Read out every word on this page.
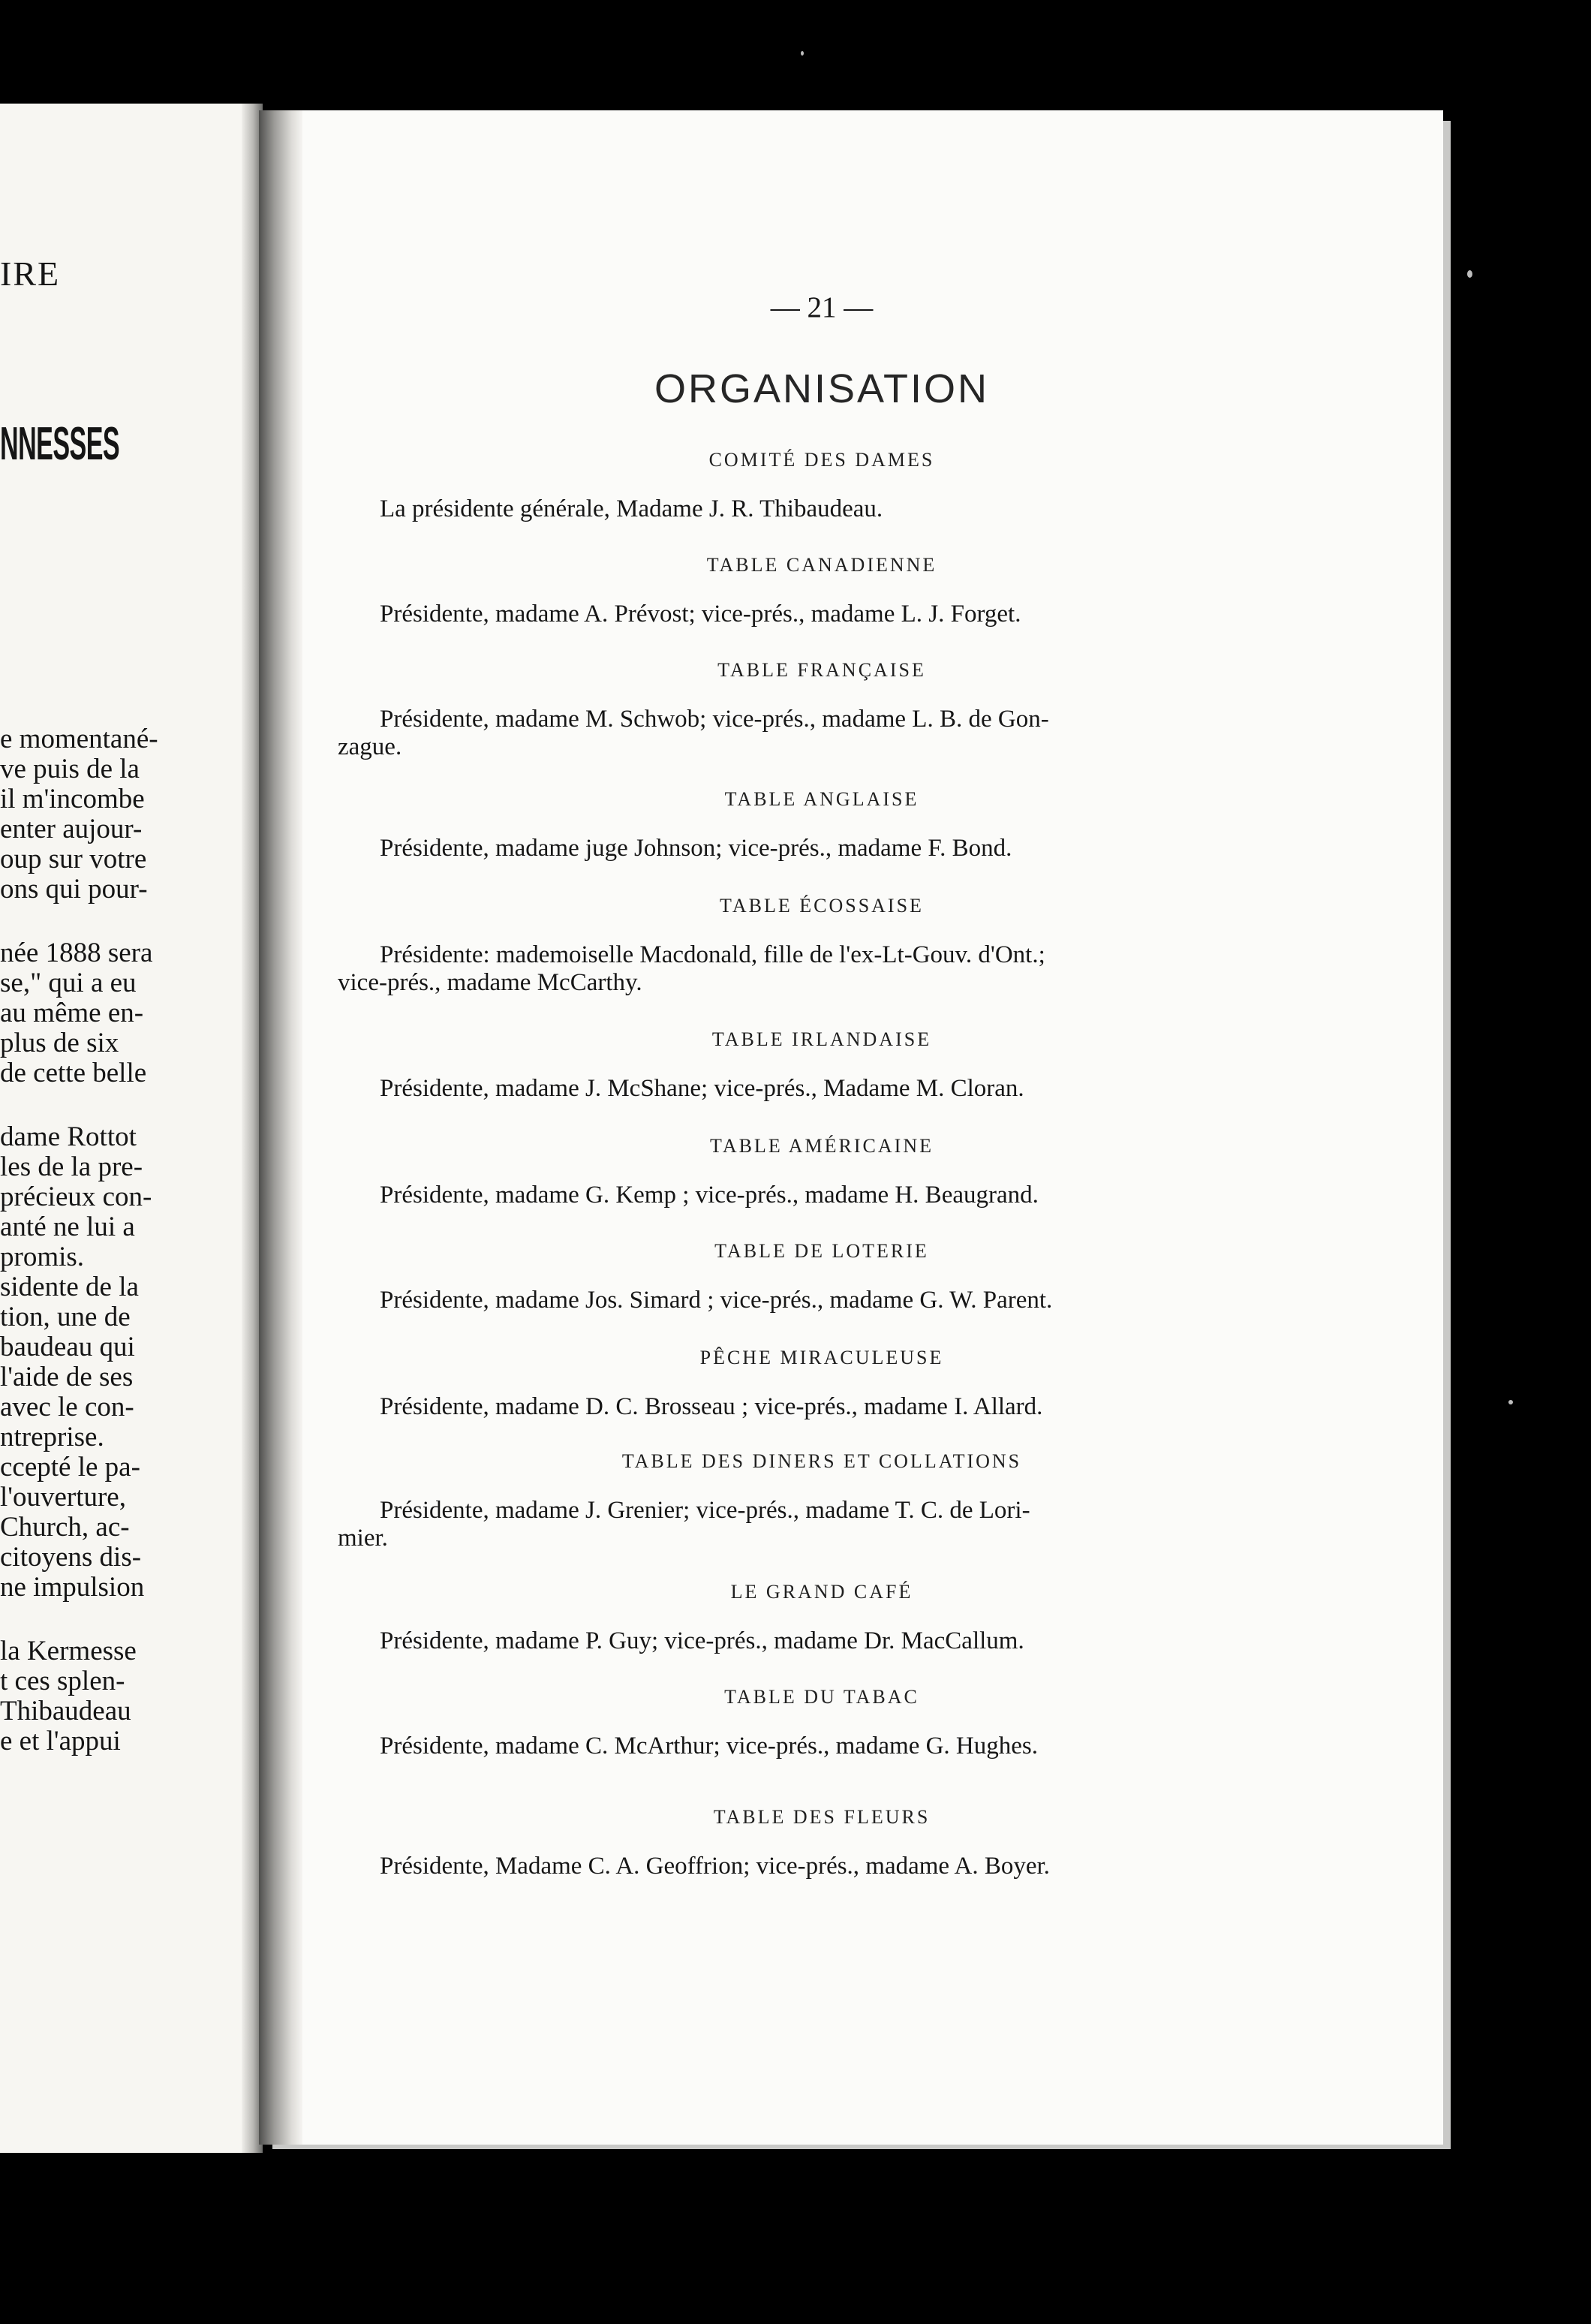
IRE
NNESSES
e momentané-
ve puis de la
il m'incombe
enter aujour-
oup sur votre
ons qui pour-
née 1888 sera
se," qui a eu
au même en-
plus de six
de cette belle
dame Rottot
les de la pre-
précieux con-
anté ne lui a
promis.
sidente de la
tion, une de
baudeau qui
l'aide de ses
avec le con-
ntreprise.
ccepté le pa-
l'ouverture,
Church, ac-
citoyens dis-
ne impulsion
la Kermesse
t ces splen-
Thibaudeau
e et l'appui
— 21 —
ORGANISATION
COMITÉ DES DAMES
La présidente générale, Madame J. R. Thibaudeau.
TABLE CANADIENNE
Présidente, madame A. Prévost; vice-prés., madame L. J. Forget.
TABLE FRANÇAISE
Présidente, madame M. Schwob; vice-prés., madame L. B. de Gon-
zague.
TABLE ANGLAISE
Présidente, madame juge Johnson; vice-prés., madame F. Bond.
TABLE ÉCOSSAISE
Présidente: mademoiselle Macdonald, fille de l'ex-Lt-Gouv. d'Ont.;
vice-prés., madame McCarthy.
TABLE IRLANDAISE
Présidente, madame J. McShane; vice-prés., Madame M. Cloran.
TABLE AMÉRICAINE
Présidente, madame G. Kemp ; vice-prés., madame H. Beaugrand.
TABLE DE LOTERIE
Présidente, madame Jos. Simard ; vice-prés., madame G. W. Parent.
PÊCHE MIRACULEUSE
Présidente, madame D. C. Brosseau ; vice-prés., madame I. Allard.
TABLE DES DINERS ET COLLATIONS
Présidente, madame J. Grenier; vice-prés., madame T. C. de Lori-
mier.
LE GRAND CAFÉ
Présidente, madame P. Guy; vice-prés., madame Dr. MacCallum.
TABLE DU TABAC
Présidente, madame C. McArthur; vice-prés., madame G. Hughes.
TABLE DES FLEURS
Présidente, Madame C. A. Geoffrion; vice-prés., madame A. Boyer.
